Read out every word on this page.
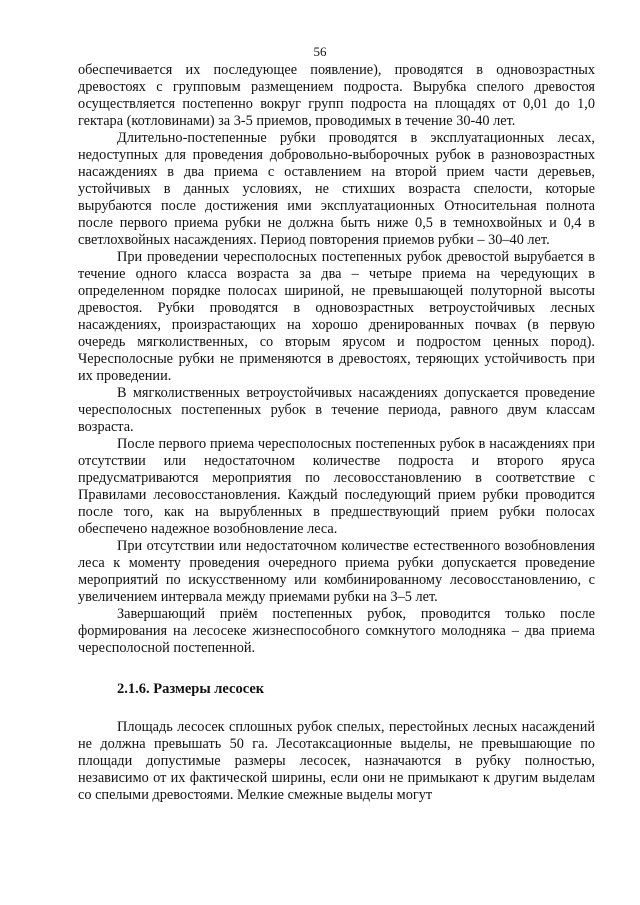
56

обеспечивается их последующее появление), проводятся в одновозрастных древостоях с групповым размещением подроста. Вырубка спелого древостоя осуществляется постепенно вокруг групп подроста на площадях от 0,01 до 1,0 гектара (котловинами) за 3-5 приемов, проводимых в течение 30-40 лет.

Длительно-постепенные рубки проводятся в эксплуатационных лесах, недоступных для проведения добровольно-выборочных рубок в разновозрастных насаждениях в два приема с оставлением на второй прием части деревьев, устойчивых в данных условиях, не стихших возраста спелости, которые вырубаются после достижения ими эксплуатационных Относительная полнота после первого приема рубки не должна быть ниже 0,5 в темнохвойных и 0,4 в светлохвойных насаждениях. Период повторения приемов рубки – 30–40 лет.

При проведении чересполосных постепенных рубок древостой вырубается в течение одного класса возраста за два – четыре приема на чередующих в определенном порядке полосах шириной, не превышающей полуторной высоты древостоя. Рубки проводятся в одновозрастных ветроустойчивых лесных насаждениях, произрастающих на хорошо дренированных почвах (в первую очередь мягколиственных, со вторым ярусом и подростом ценных пород). Чересполосные рубки не применяются в древостоях, теряющих устойчивость при их проведении.

В мягколиственных ветроустойчивых насаждениях допускается проведение чересполосных постепенных рубок в течение периода, равного двум классам возраста.

После первого приема чересполосных постепенных рубок в насаждениях при отсутствии или недостаточном количестве подроста и второго яруса предусматриваются мероприятия по лесовосстановлению в соответствие с Правилами лесовосстановления. Каждый последующий прием рубки проводится после того, как на вырубленных в предшествующий прием рубки полосах обеспечено надежное возобновление леса.

При отсутствии или недостаточном количестве естественного возобновления леса к моменту проведения очередного приема рубки допускается проведение мероприятий по искусственному или комбинированному лесовосстановлению, с увеличением интервала между приемами рубки на 3–5 лет.

Завершающий приём постепенных рубок, проводится только после формирования на лесосеке жизнеспособного сомкнутого молодняка – два приема чересполосной постепенной.

2.1.6. Размеры лесосек

Площадь лесосек сплошных рубок спелых, перестойных лесных насаждений не должна превышать 50 га. Лесотаксационные выделы, не превышающие по площади допустимые размеры лесосек, назначаются в рубку полностью, независимо от их фактической ширины, если они не примыкают к другим выделам со спелыми древостоями. Мелкие смежные выделы могут
